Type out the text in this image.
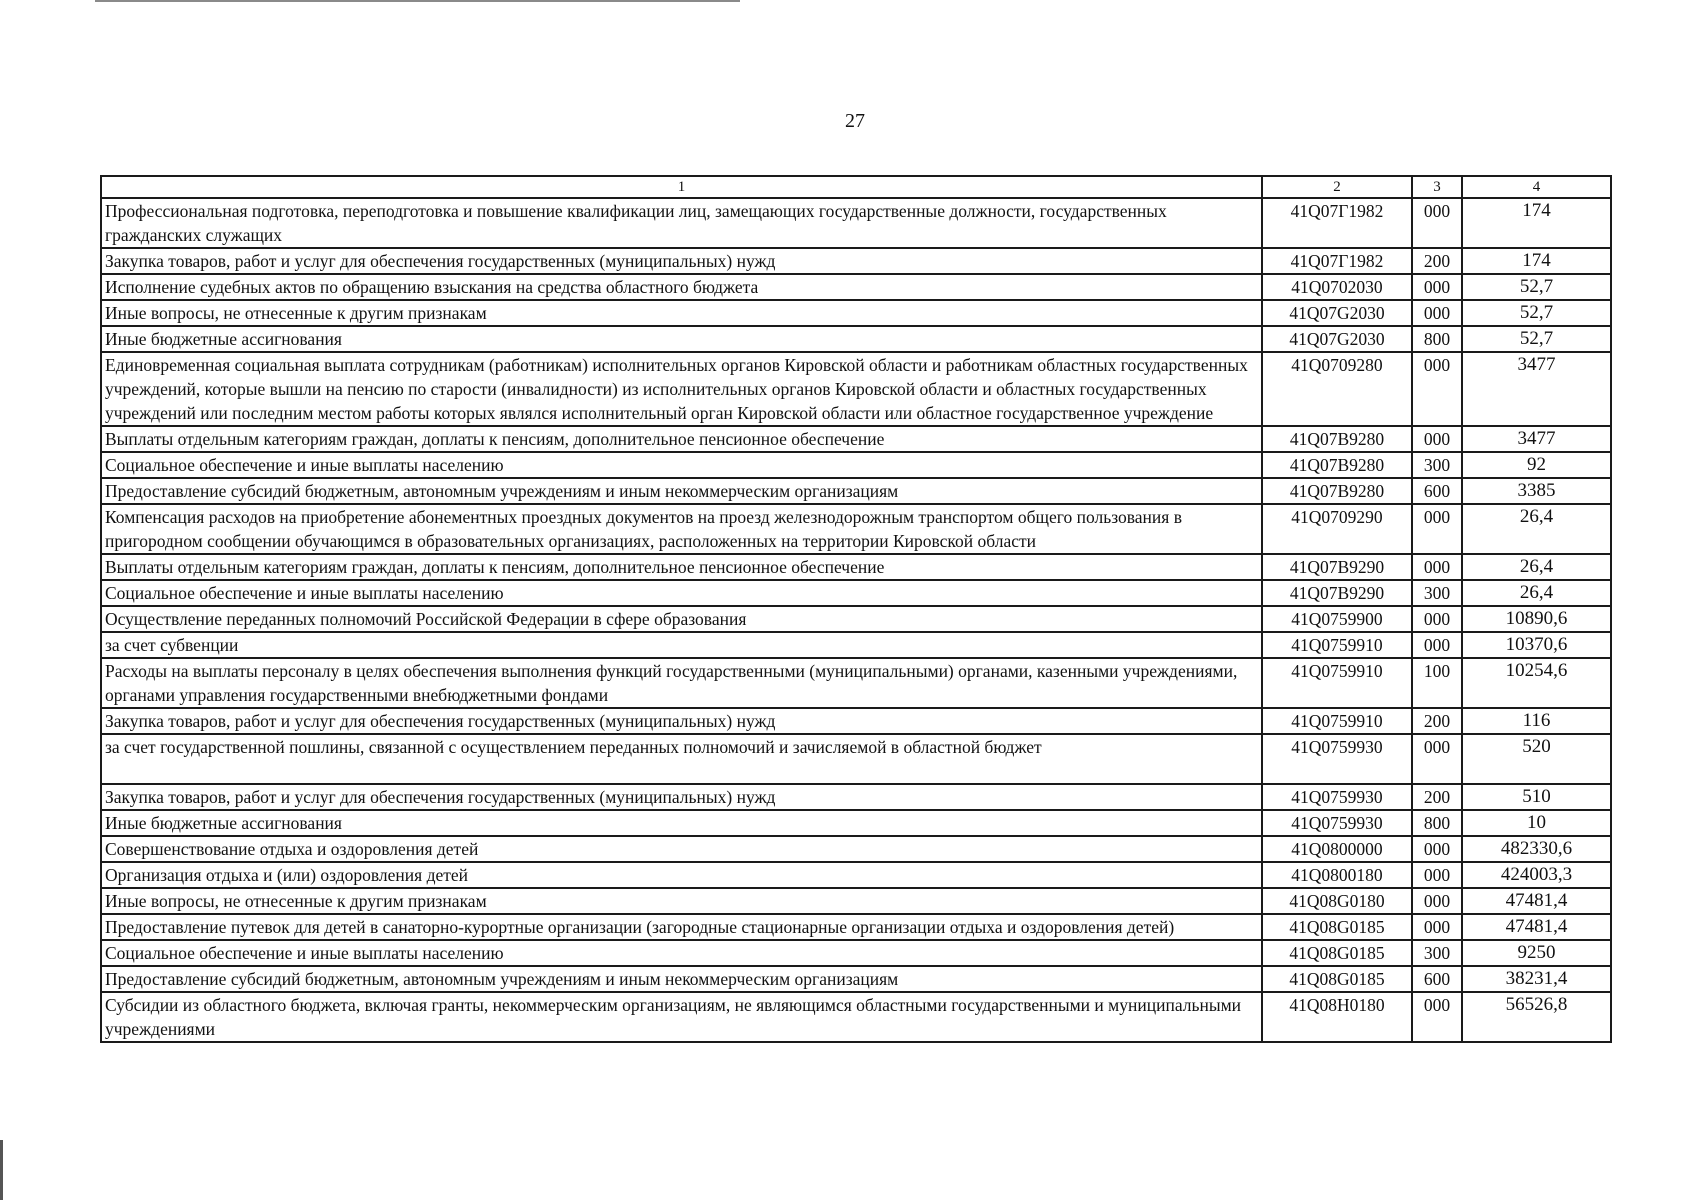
27
1	2	3	4
Профессиональная подготовка, переподготовка и повышение квалификации лиц, замещающих государственные должности, государственных гражданских служащих	41Q07Г1982	000	174
Закупка товаров, работ и услуг для обеспечения государственных (муниципальных) нужд	41Q07Г1982	200	174
Исполнение судебных актов по обращению взыскания на средства областного бюджета	41Q0702030	000	52,7
Иные вопросы, не отнесенные к другим признакам	41Q07G2030	000	52,7
Иные бюджетные ассигнования	41Q07G2030	800	52,7
Единовременная социальная выплата сотрудникам (работникам) исполнительных органов Кировской области и работникам областных государственных учреждений, которые вышли на пенсию по старости (инвалидности) из исполнительных органов Кировской области и областных государственных учреждений или последним местом работы которых являлся исполнительный орган Кировской области или областное государственное учреждение	41Q0709280	000	3477
Выплаты отдельным категориям граждан, доплаты к пенсиям, дополнительное пенсионное обеспечение	41Q07B9280	000	3477
Социальное обеспечение и иные выплаты населению	41Q07B9280	300	92
Предоставление субсидий бюджетным, автономным учреждениям и иным некоммерческим организациям	41Q07B9280	600	3385
Компенсация расходов на приобретение абонементных проездных документов на проезд железнодорожным транспортом общего пользования в пригородном сообщении обучающимся в образовательных организациях, расположенных на территории Кировской области	41Q0709290	000	26,4
Выплаты отдельным категориям граждан, доплаты к пенсиям, дополнительное пенсионное обеспечение	41Q07B9290	000	26,4
Социальное обеспечение и иные выплаты населению	41Q07B9290	300	26,4
Осуществление переданных полномочий Российской Федерации в сфере образования	41Q0759900	000	10890,6
за счет субвенции	41Q0759910	000	10370,6
Расходы на выплаты персоналу в целях обеспечения выполнения функций государственными (муниципальными) органами, казенными учреждениями, органами управления государственными внебюджетными фондами	41Q0759910	100	10254,6
Закупка товаров, работ и услуг для обеспечения государственных (муниципальных) нужд	41Q0759910	200	116
за счет государственной пошлины, связанной с осуществлением переданных полномочий и зачисляемой в областной бюджет	41Q0759930	000	520
Закупка товаров, работ и услуг для обеспечения государственных (муниципальных) нужд	41Q0759930	200	510
Иные бюджетные ассигнования	41Q0759930	800	10
Совершенствование отдыха и оздоровления детей	41Q0800000	000	482330,6
Организация отдыха и (или) оздоровления детей	41Q0800180	000	424003,3
Иные вопросы, не отнесенные к другим признакам	41Q08G0180	000	47481,4
Предоставление путевок для детей в санаторно-курортные организации (загородные стационарные организации отдыха и оздоровления детей)	41Q08G0185	000	47481,4
Социальное обеспечение и иные выплаты населению	41Q08G0185	300	9250
Предоставление субсидий бюджетным, автономным учреждениям и иным некоммерческим организациям	41Q08G0185	600	38231,4
Субсидии из областного бюджета, включая гранты, некоммерческим организациям, не являющимся областными государственными и муниципальными учреждениями	41Q08H0180	000	56526,8
